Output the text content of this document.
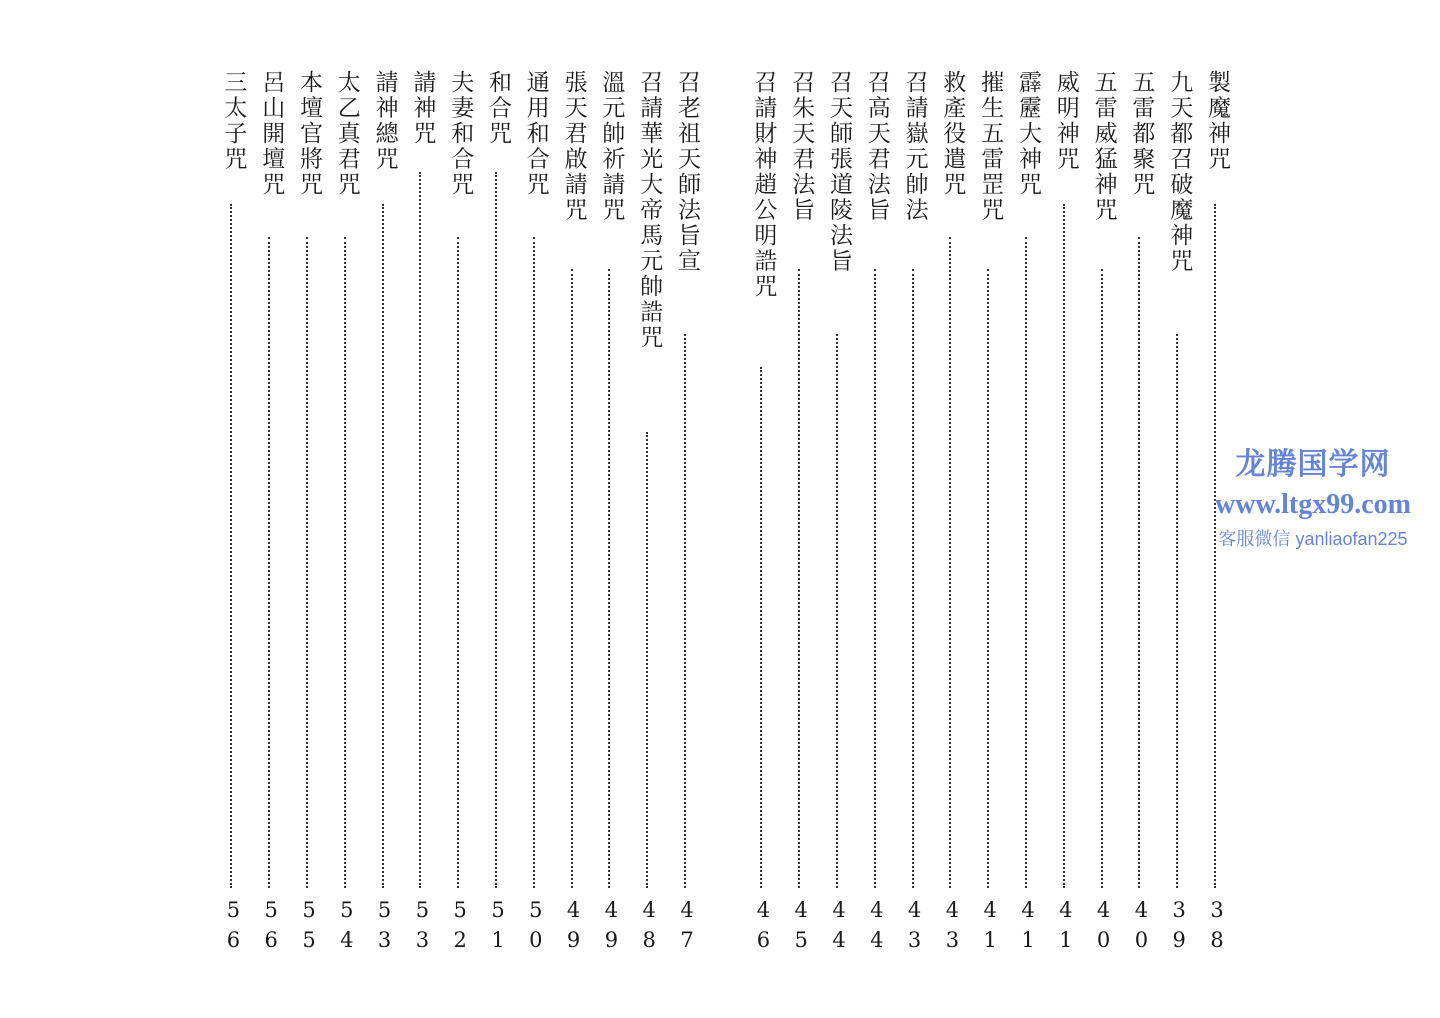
製魔神咒
38
九天都召破魔神咒
39
五雷都聚咒
40
五雷威猛神咒
40
威明神咒
41
霹靂大神咒
41
摧生五雷罡咒
41
救產役遣咒
43
召請嶽元帥法
43
召高天君法旨
44
召天師張道陵法旨
44
召朱天君法旨
45
召請財神趙公明誥咒
46
召老祖天師法旨宣
47
召請華光大帝馬元帥誥咒
48
溫元帥祈請咒
49
張天君啟請咒
49
通用和合咒
50
和合咒
51
夫妻和合咒
52
請神咒
53
請神總咒
53
太乙真君咒
54
本壇官將咒
55
呂山開壇咒
56
三太子咒
56
龙腾国学网
www.ltgx99.com
客服微信 yanliaofan225
